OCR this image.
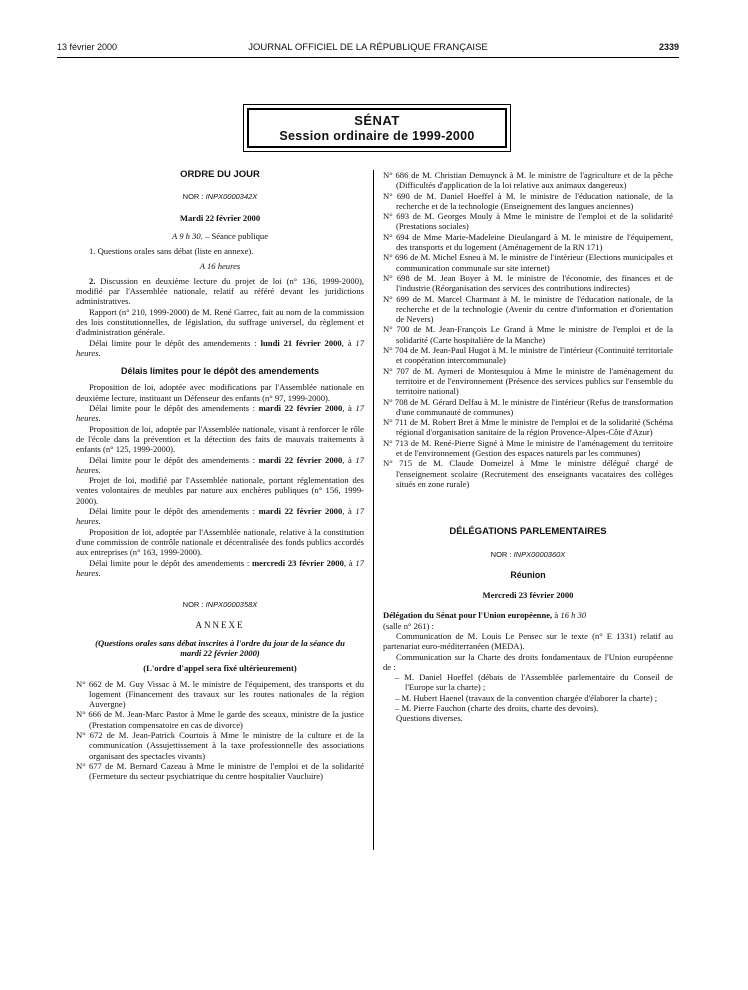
13 février 2000	JOURNAL OFFICIEL DE LA RÉPUBLIQUE FRANÇAISE	2339
SÉNAT
Session ordinaire de 1999-2000
ORDRE DU JOUR
NOR : INPX0000342X
Mardi 22 février 2000
A 9 h 30. – Séance publique
1. Questions orales sans débat (liste en annexe).
A 16 heures
2. Discussion en deuxième lecture du projet de loi (n° 136, 1999-2000), modifié par l'Assemblée nationale, relatif au référé devant les juridictions administratives.
Rapport (n° 210, 1999-2000) de M. René Garrec, fait au nom de la commission des lois constitutionnelles, de législation, du suffrage universel, du règlement et d'administration générale.
Délai limite pour le dépôt des amendements : lundi 21 février 2000, à 17 heures.
Délais limites pour le dépôt des amendements
Proposition de loi, adoptée avec modifications par l'Assemblée nationale en deuxième lecture, instituant un Défenseur des enfants (n° 97, 1999-2000).
Délai limite pour le dépôt des amendements : mardi 22 février 2000, à 17 heures.
Proposition de loi, adoptée par l'Assemblée nationale, visant à renforcer le rôle de l'école dans la prévention et la détection des faits de mauvais traitements à enfants (n° 125, 1999-2000).
Délai limite pour le dépôt des amendements : mardi 22 février 2000, à 17 heures.
Projet de loi, modifié par l'Assemblée nationale, portant réglementation des ventes volontaires de meubles par nature aux enchères publiques (n° 156, 1999-2000).
Délai limite pour le dépôt des amendements : mardi 22 février 2000, à 17 heures.
Proposition de loi, adoptée par l'Assemblée nationale, relative à la constitution d'une commission de contrôle nationale et décentralisée des fonds publics accordés aux entreprises (n° 163, 1999-2000).
Délai limite pour le dépôt des amendements : mercredi 23 février 2000, à 17 heures.
NOR : INPX0000358X
ANNEXE
(Questions orales sans débat inscrites à l'ordre du jour de la séance du mardi 22 février 2000)
(L'ordre d'appel sera fixé ultérieurement)
N° 662 de M. Guy Vissac à M. le ministre de l'équipement, des transports et du logement (Financement des travaux sur les routes nationales de la région Auvergne)
N° 666 de M. Jean-Marc Pastor à Mme le garde des sceaux, ministre de la justice (Prestation compensatoire en cas de divorce)
N° 672 de M. Jean-Patrick Courtois à Mme le ministre de la culture et de la communication (Assujettissement à la taxe professionnelle des associations organisant des spectacles vivants)
N° 677 de M. Bernard Cazeau à Mme le ministre de l'emploi et de la solidarité (Fermeture du secteur psychiatrique du centre hospitalier Vaucluire)
N° 686 de M. Christian Demuynck à M. le ministre de l'agriculture et de la pêche (Difficultés d'application de la loi relative aux animaux dangereux)
N° 690 de M. Daniel Hoeffel à M. le ministre de l'éducation nationale, de la recherche et de la technologie (Enseignement des langues anciennes)
N° 693 de M. Georges Mouly à Mme le ministre de l'emploi et de la solidarité (Prestations sociales)
N° 694 de Mme Marie-Madeleine Dieulangard à M. le ministre de l'équipement, des transports et du logement (Aménagement de la RN 171)
N° 696 de M. Michel Esneu à M. le ministre de l'intérieur (Elections municipales et communication communale sur site internet)
N° 698 de M. Jean Boyer à M. le ministre de l'économie, des finances et de l'industrie (Réorganisation des services des contributions indirectes)
N° 699 de M. Marcel Charmant à M. le ministre de l'éducation nationale, de la recherche et de la technologie (Avenir du centre d'information et d'orientation de Nevers)
N° 700 de M. Jean-François Le Grand à Mme le ministre de l'emploi et de la solidarité (Carte hospitalière de la Manche)
N° 704 de M. Jean-Paul Hugot à M. le ministre de l'intérieur (Continuité territoriale et coopération intercommunale)
N° 707 de M. Aymeri de Montesquiou à Mme le ministre de l'aménagement du territoire et de l'environnement (Présence des services publics sur l'ensemble du territoire national)
N° 708 de M. Gérard Delfau à M. le ministre de l'intérieur (Refus de transformation d'une communauté de communes)
N° 711 de M. Robert Bret à Mme le ministre de l'emploi et de la solidarité (Schéma régional d'organisation sanitaire de la région Provence-Alpes-Côte d'Azur)
N° 713 de M. René-Pierre Signé à Mme le ministre de l'aménagement du territoire et de l'environnement (Gestion des espaces naturels par les communes)
N° 715 de M. Claude Domeizel à Mme le ministre délégué chargé de l'enseignement scolaire (Recrutement des enseignants vacataires des collèges situés en zone rurale)
DÉLÉGATIONS PARLEMENTAIRES
NOR : INPX0000360X
Réunion
Mercredi 23 février 2000
Délégation du Sénat pour l'Union européenne, à 16 h 30
(salle n° 261) :
Communication de M. Louis Le Pensec sur le texte (n° E 1331) relatif au partenariat euro-méditerranéen (MEDA).
Communication sur la Charte des droits fondamentaux de l'Union européenne de :
– M. Daniel Hoeffel (débats de l'Assemblée parlementaire du Conseil de l'Europe sur la charte) ;
– M. Hubert Haenel (travaux de la convention chargée d'élaborer la charte) ;
– M. Pierre Fauchon (charte des droits, charte des devoirs).
Questions diverses.
